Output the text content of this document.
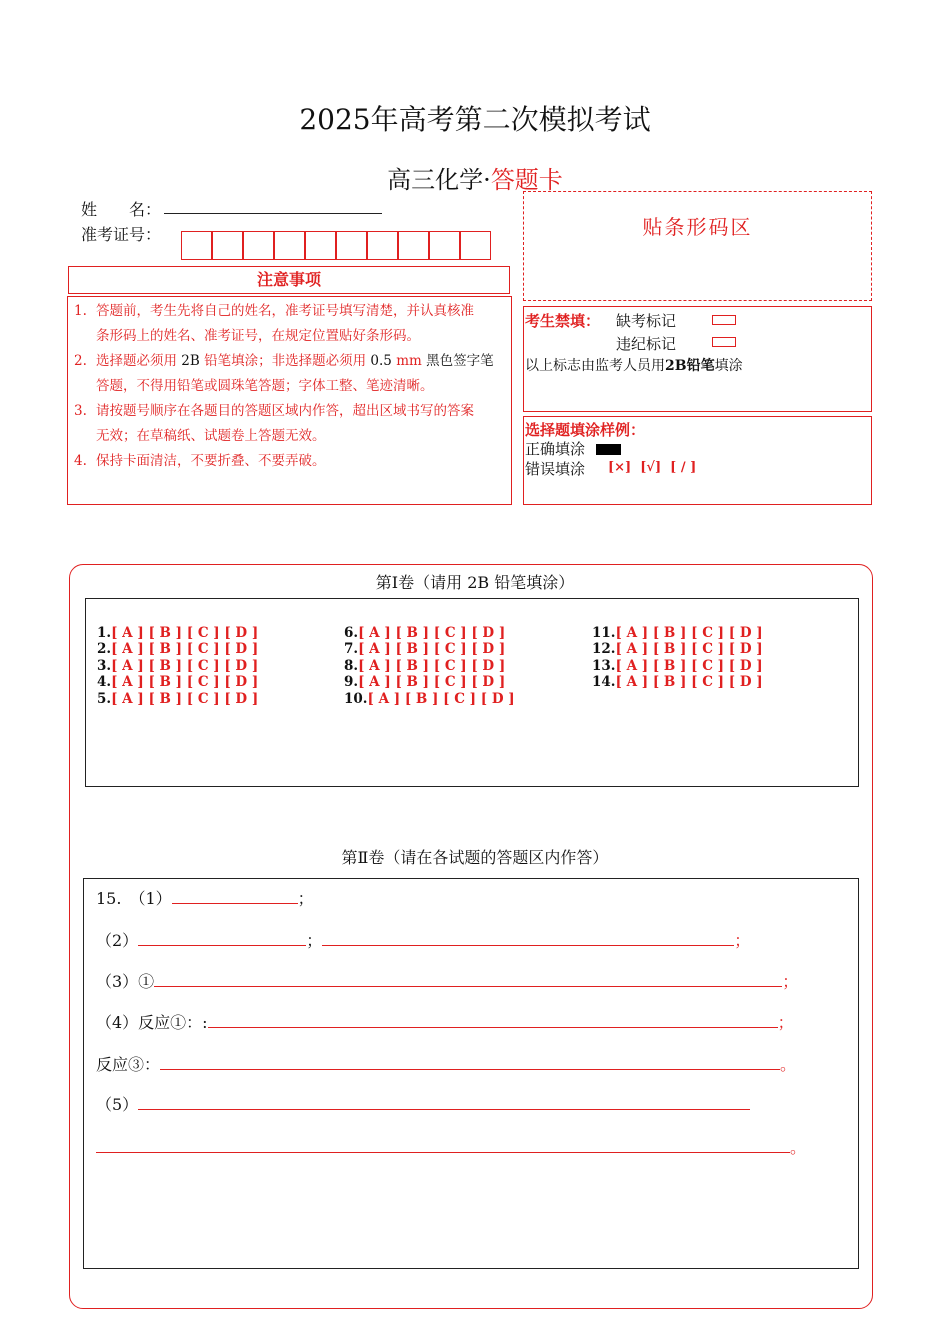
2025年高考第二次模拟考试
高三化学·答题卡
姓　　名：
准考证号：
注意事项
1. 答题前，考生先将自己的姓名，准考证号填写清楚，并认真核准
条形码上的姓名、准考证号，在规定位置贴好条形码。
2. 选择题必须用 2B 铅笔填涂；非选择题必须用 0.5 mm 黑色签字笔
答题，不得用铅笔或圆珠笔答题；字体工整、笔迹清晰。
3. 请按题号顺序在各题目的答题区域内作答，超出区域书写的答案
无效；在草稿纸、试题卷上答题无效。
4. 保持卡面清洁，不要折叠、不要弄破。
贴条形码区
考生禁填： 缺考标记
违纪标记
以上标志由监考人员用2B铅笔填涂
选择题填涂样例：
正确填涂
错误填涂 [×]  [√]  [ / ]
第Ⅰ卷（请用 2B 铅笔填涂）
1.[ A ] [ B ] [ C ] [ D ]
2.[ A ] [ B ] [ C ] [ D ]
3.[ A ] [ B ] [ C ] [ D ]
4.[ A ] [ B ] [ C ] [ D ]
5.[ A ] [ B ] [ C ] [ D ]
6.[ A ] [ B ] [ C ] [ D ]
7.[ A ] [ B ] [ C ] [ D ]
8.[ A ] [ B ] [ C ] [ D ]
9.[ A ] [ B ] [ C ] [ D ]
10.[ A ] [ B ] [ C ] [ D ]
11.[ A ] [ B ] [ C ] [ D ]
12.[ A ] [ B ] [ C ] [ D ]
13.[ A ] [ B ] [ C ] [ D ]
14.[ A ] [ B ] [ C ] [ D ]
第Ⅱ卷（请在各试题的答题区内作答）
15.　（1）	；
（2）	；	；
（3）①	；
（4）反应①：:	；
反应③：	。
（5）
。
